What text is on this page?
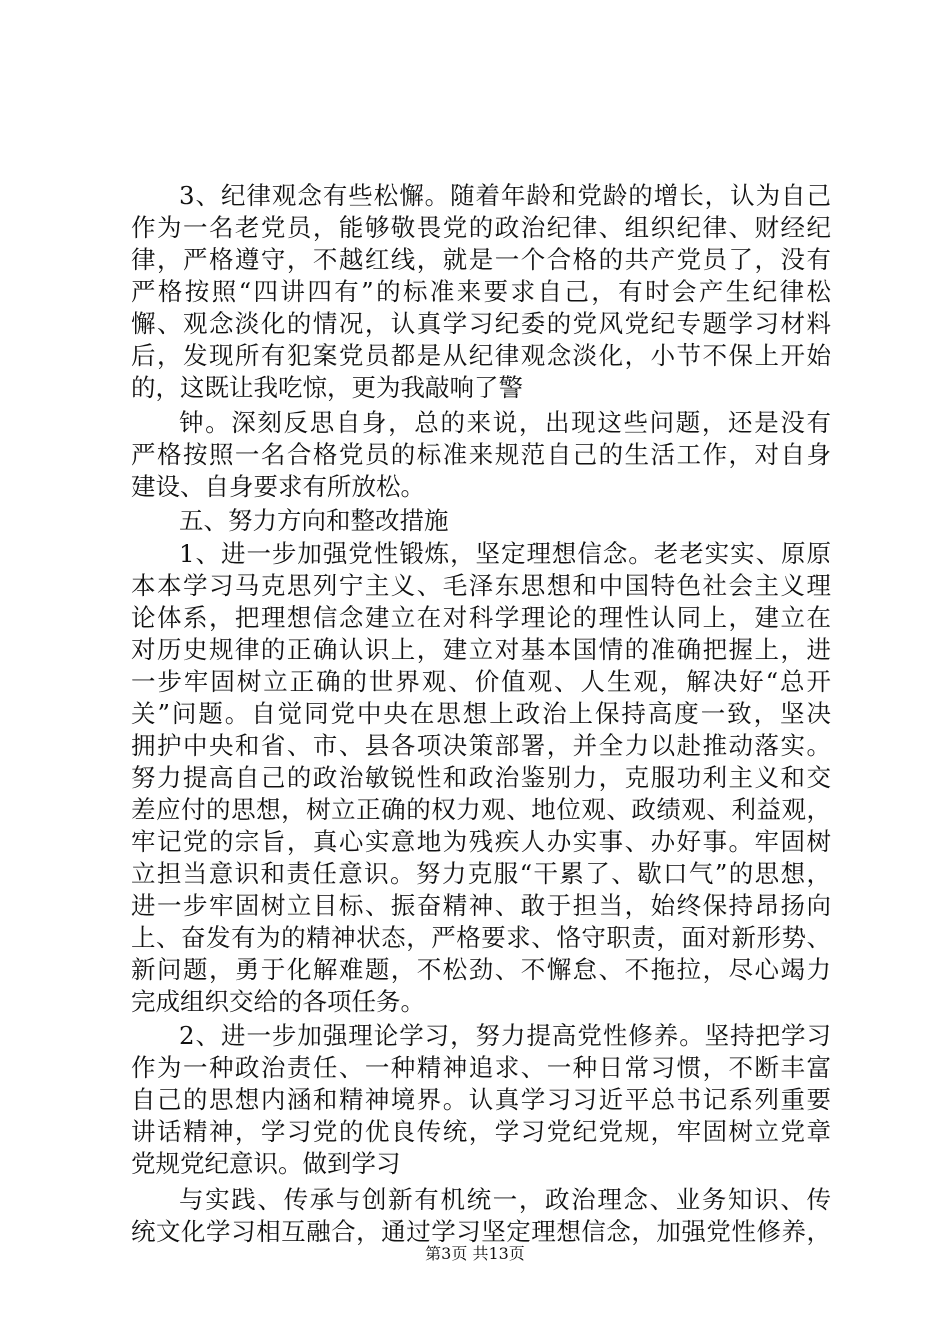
3、纪律观念有些松懈。随着年龄和党龄的增长，认为自己
作为一名老党员，能够敬畏党的政治纪律、组织纪律、财经纪
律，严格遵守，不越红线，就是一个合格的共产党员了，没有
严格按照“四讲四有”的标准来要求自己，有时会产生纪律松
懈、观念淡化的情况，认真学习纪委的党风党纪专题学习材料
后，发现所有犯案党员都是从纪律观念淡化，小节不保上开始
的，这既让我吃惊，更为我敲响了警
钟。深刻反思自身，总的来说，出现这些问题，还是没有
严格按照一名合格党员的标准来规范自己的生活工作，对自身
建设、自身要求有所放松。
五、努力方向和整改措施
1、进一步加强党性锻炼，坚定理想信念。老老实实、原原
本本学习马克思列宁主义、毛泽东思想和中国特色社会主义理
论体系，把理想信念建立在对科学理论的理性认同上，建立在
对历史规律的正确认识上，建立对基本国情的准确把握上，进
一步牢固树立正确的世界观、价值观、人生观，解决好“总开
关”问题。自觉同党中央在思想上政治上保持高度一致，坚决
拥护中央和省、市、县各项决策部署，并全力以赴推动落实。
努力提高自己的政治敏锐性和政治鉴别力，克服功利主义和交
差应付的思想，树立正确的权力观、地位观、政绩观、利益观，
牢记党的宗旨，真心实意地为残疾人办实事、办好事。牢固树
立担当意识和责任意识。努力克服“干累了、歇口气”的思想，
进一步牢固树立目标、振奋精神、敢于担当，始终保持昂扬向
上、奋发有为的精神状态，严格要求、恪守职责，面对新形势、
新问题，勇于化解难题，不松劲、不懈怠、不拖拉，尽心竭力
完成组织交给的各项任务。
2、进一步加强理论学习，努力提高党性修养。坚持把学习
作为一种政治责任、一种精神追求、一种日常习惯，不断丰富
自己的思想内涵和精神境界。认真学习习近平总书记系列重要
讲话精神，学习党的优良传统，学习党纪党规，牢固树立党章
党规党纪意识。做到学习
与实践、传承与创新有机统一，政治理念、业务知识、传
统文化学习相互融合，通过学习坚定理想信念，加强党性修养，
第3页 共13页
